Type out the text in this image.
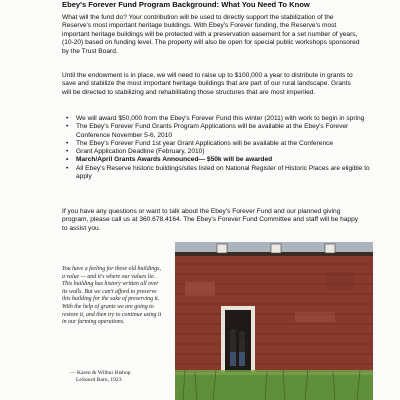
Ebey's Forever Fund Program Background: What You Need To Know
What will the fund do? Your contribution will be used to directly support the stabilization of the Reserve's most important heritage buildings. With Ebey's Forever funding, the Reserve's most important heritage buildings will be protected with a preservation easement for a set number of years, (10-20) based on funding level. The property will also be open for special public workshops sponsored by the Trust Board.
Until the endowment is in place, we will need to raise up to $100,000 a year to distribute in grants to save and stabilize the most important heritage buildings that are part of our rural landscape. Grants will be directed to stabilizing and rehabilitating those structures that are most imperiled.
• We will award $50,000 from the Ebey's Forever Fund this winter (2011) with work to begin in spring
• The Ebey's Forever Fund Grants Program Applications will be available at the Ebey's Forever Conference November 5-6, 2010
• The Ebey's Forever Fund 1st year Grant Applications will be available at the Conference
• Grant Application Deadline (February, 2010)
• March/April Grants Awards Announced— $50k will be awarded
• All Ebey's Reserve historic buildings/sites listed on National Register of Historic Places are eligible to apply
If you have any questions or want to talk about the Ebey's Forever Fund and our planned giving program, please call us at 360.678.4164. The Ebey's Forever Fund Committee and staff will be happy to assist you.
You have a feeling for these old buildings, a value — and it's where our values lie. This building has history written all over its walls. But we can't afford to preserve this building for the sake of preserving it. With the help of grants we are going to restore it, and then try to continue using it in our farming operations.
— Karen & Wilbur Bishop
LeSourd Barn, 1923
